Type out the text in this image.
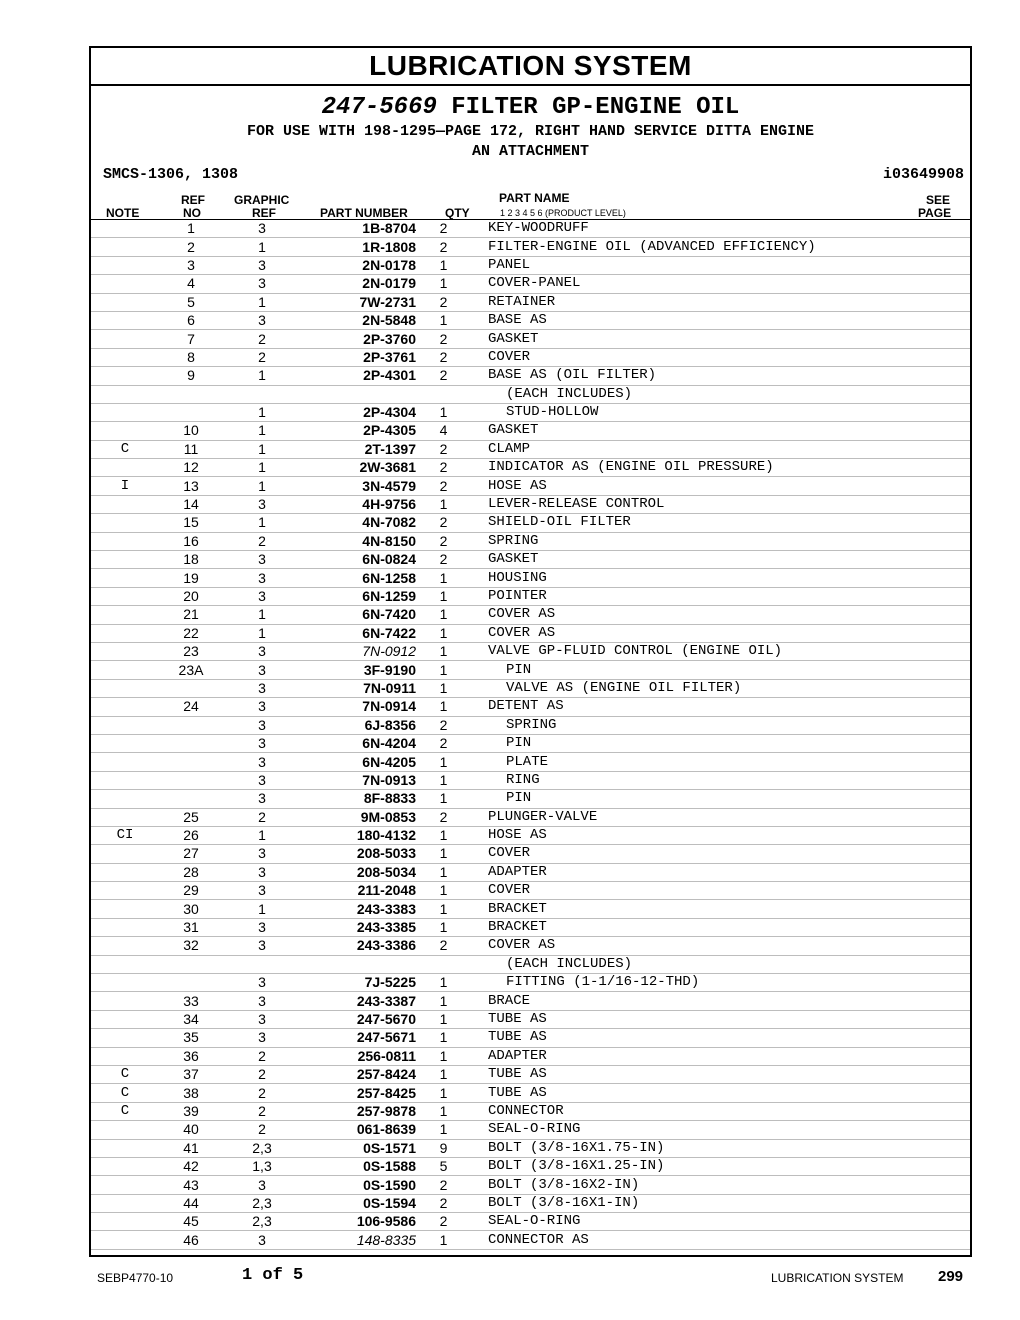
LUBRICATION SYSTEM
247-5669 FILTER GP-ENGINE OIL
FOR USE WITH 198-1295—PAGE 172, RIGHT HAND SERVICE DITTA ENGINE
AN ATTACHMENT
SMCS-1306, 1308	i03649908
NOTE
REF
NO
GRAPHIC
REF	PART NUMBER	QTY
PART NAME
1 2 3 4 5 6 (PRODUCT LEVEL)
SEE
PAGE
	1	3	1B-8704	2	KEY-WOODRUFF
	2	1	1R-1808	2	FILTER-ENGINE OIL (ADVANCED EFFICIENCY)
	3	3	2N-0178	1	PANEL
	4	3	2N-0179	1	COVER-PANEL
	5	1	7W-2731	2	RETAINER
	6	3	2N-5848	1	BASE AS
	7	2	2P-3760	2	GASKET
	8	2	2P-3761	2	COVER
	9	1	2P-4301	2	BASE AS (OIL FILTER)
					(EACH INCLUDES)
		1	2P-4304	1	STUD-HOLLOW
	10	1	2P-4305	4	GASKET
C	11	1	2T-1397	2	CLAMP
	12	1	2W-3681	2	INDICATOR AS (ENGINE OIL PRESSURE)
I	13	1	3N-4579	2	HOSE AS
	14	3	4H-9756	1	LEVER-RELEASE CONTROL
	15	1	4N-7082	2	SHIELD-OIL FILTER
	16	2	4N-8150	2	SPRING
	18	3	6N-0824	2	GASKET
	19	3	6N-1258	1	HOUSING
	20	3	6N-1259	1	POINTER
	21	1	6N-7420	1	COVER AS
	22	1	6N-7422	1	COVER AS
	23	3	7N-0912	1	VALVE GP-FLUID CONTROL (ENGINE OIL)
	23A	3	3F-9190	1	PIN
		3	7N-0911	1	VALVE AS (ENGINE OIL FILTER)
	24	3	7N-0914	1	DETENT AS
		3	6J-8356	2	SPRING
		3	6N-4204	2	PIN
		3	6N-4205	1	PLATE
		3	7N-0913	1	RING
		3	8F-8833	1	PIN
	25	2	9M-0853	2	PLUNGER-VALVE
CI	26	1	180-4132	1	HOSE AS
	27	3	208-5033	1	COVER
	28	3	208-5034	1	ADAPTER
	29	3	211-2048	1	COVER
	30	1	243-3383	1	BRACKET
	31	3	243-3385	1	BRACKET
	32	3	243-3386	2	COVER AS
					(EACH INCLUDES)
		3	7J-5225	1	FITTING (1-1/16-12-THD)
	33	3	243-3387	1	BRACE
	34	3	247-5670	1	TUBE AS
	35	3	247-5671	1	TUBE AS
	36	2	256-0811	1	ADAPTER
C	37	2	257-8424	1	TUBE AS
C	38	2	257-8425	1	TUBE AS
C	39	2	257-9878	1	CONNECTOR
	40	2	061-8639	1	SEAL-O-RING
	41	2,3	0S-1571	9	BOLT (3/8-16X1.75-IN)
	42	1,3	0S-1588	5	BOLT (3/8-16X1.25-IN)
	43	3	0S-1590	2	BOLT (3/8-16X2-IN)
	44	2,3	0S-1594	2	BOLT (3/8-16X1-IN)
	45	2,3	106-9586	2	SEAL-O-RING
	46	3	148-8335	1	CONNECTOR AS
SEBP4770-10	1 of 5	LUBRICATION SYSTEM 299
